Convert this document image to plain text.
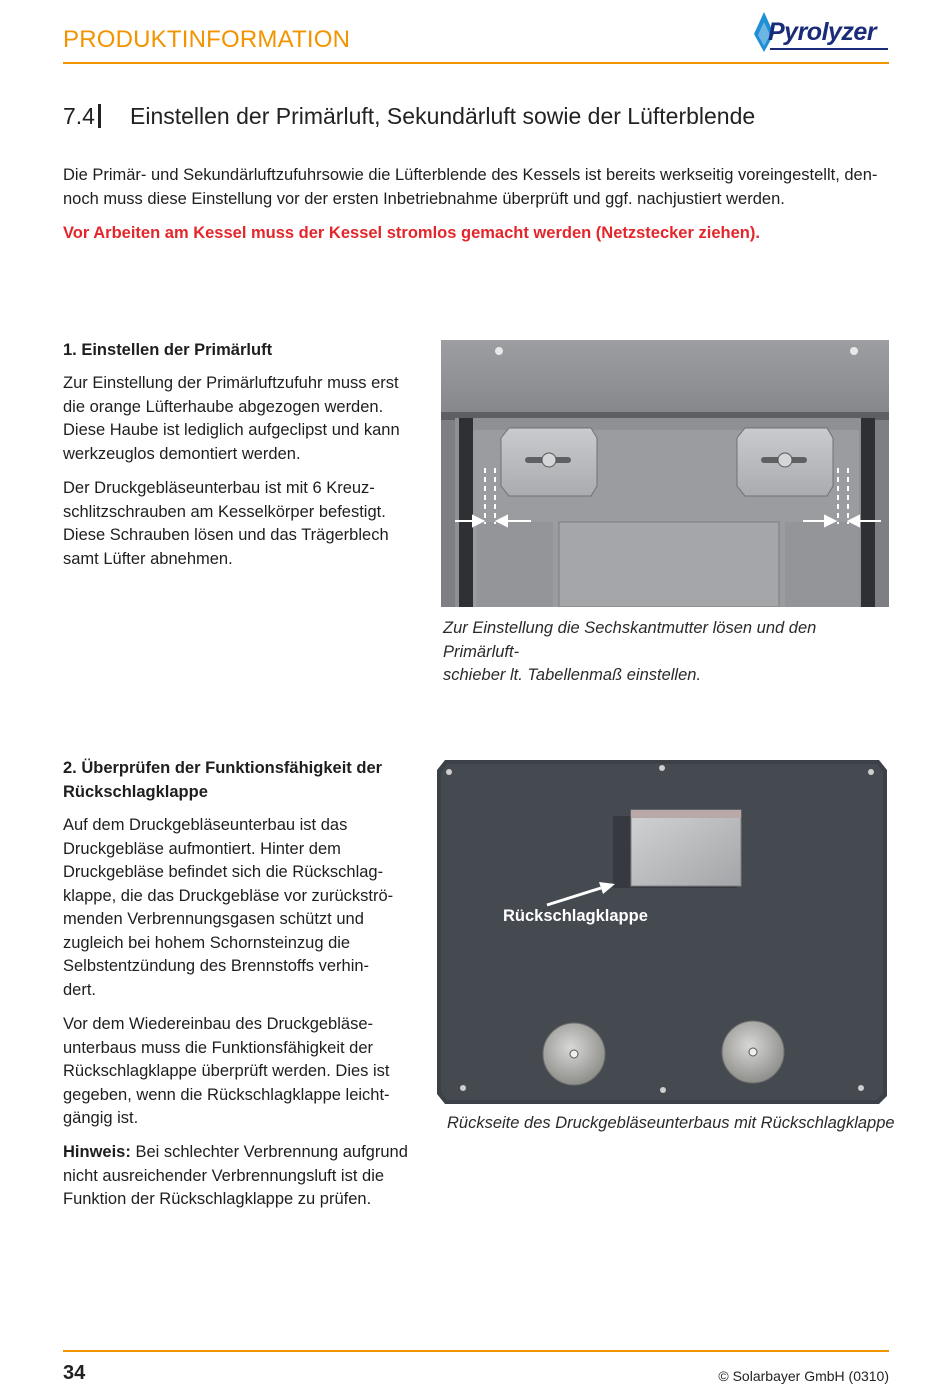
PRODUKTINFORMATION	Pyrolyzer
7.4 Einstellen der Primärluft, Sekundärluft sowie der Lüfterblende
Die Primär- und Sekundärluftzufuhrsowie die Lüfterblende des Kessels ist bereits werkseitig voreingestellt, den-
noch muss diese Einstellung vor der ersten Inbetriebnahme überprüft und ggf. nachjustiert werden.
Vor Arbeiten am Kessel muss der Kessel stromlos gemacht werden (Netzstecker ziehen).
1. Einstellen der Primärluft
Zur Einstellung der Primärluftzufuhr muss erst
die orange Lüfterhaube abgezogen werden.
Diese Haube ist lediglich aufgeclipst und kann
werkzeuglos demontiert werden.
Der Druckgebläseunterbau ist mit 6 Kreuz-
schlitzschrauben am Kesselkörper befestigt.
Diese Schrauben lösen und das Trägerblech
samt Lüfter abnehmen.
Zur Einstellung die Sechskantmutter lösen und den Primärluft-
schieber lt. Tabellenmaß einstellen.
2. Überprüfen der Funktionsfähigkeit der
Rückschlagklappe
Auf dem Druckgebläseunterbau ist das
Druckgebläse aufmontiert. Hinter dem
Druckgebläse befindet sich die Rückschlag-
klappe, die das Druckgebläse vor zurückströ-
menden Verbrennungsgasen schützt und
zugleich bei hohem Schornsteinzug die
Selbstentzündung des Brennstoffs verhin-
dert.
Vor dem Wiedereinbau des Druckgebläse-
unterbaus muss die Funktionsfähigkeit der
Rückschlagklappe überprüft werden. Dies ist
gegeben, wenn die Rückschlagklappe leicht-
gängig ist.
Hinweis: Bei schlechter Verbrennung aufgrund
nicht ausreichender Verbrennungsluft ist die
Funktion der Rückschlagklappe zu prüfen.
Rückschlagklappe
Rückseite des Druckgebläseunterbaus mit Rückschlagklappe
34	© Solarbayer GmbH (0310)
